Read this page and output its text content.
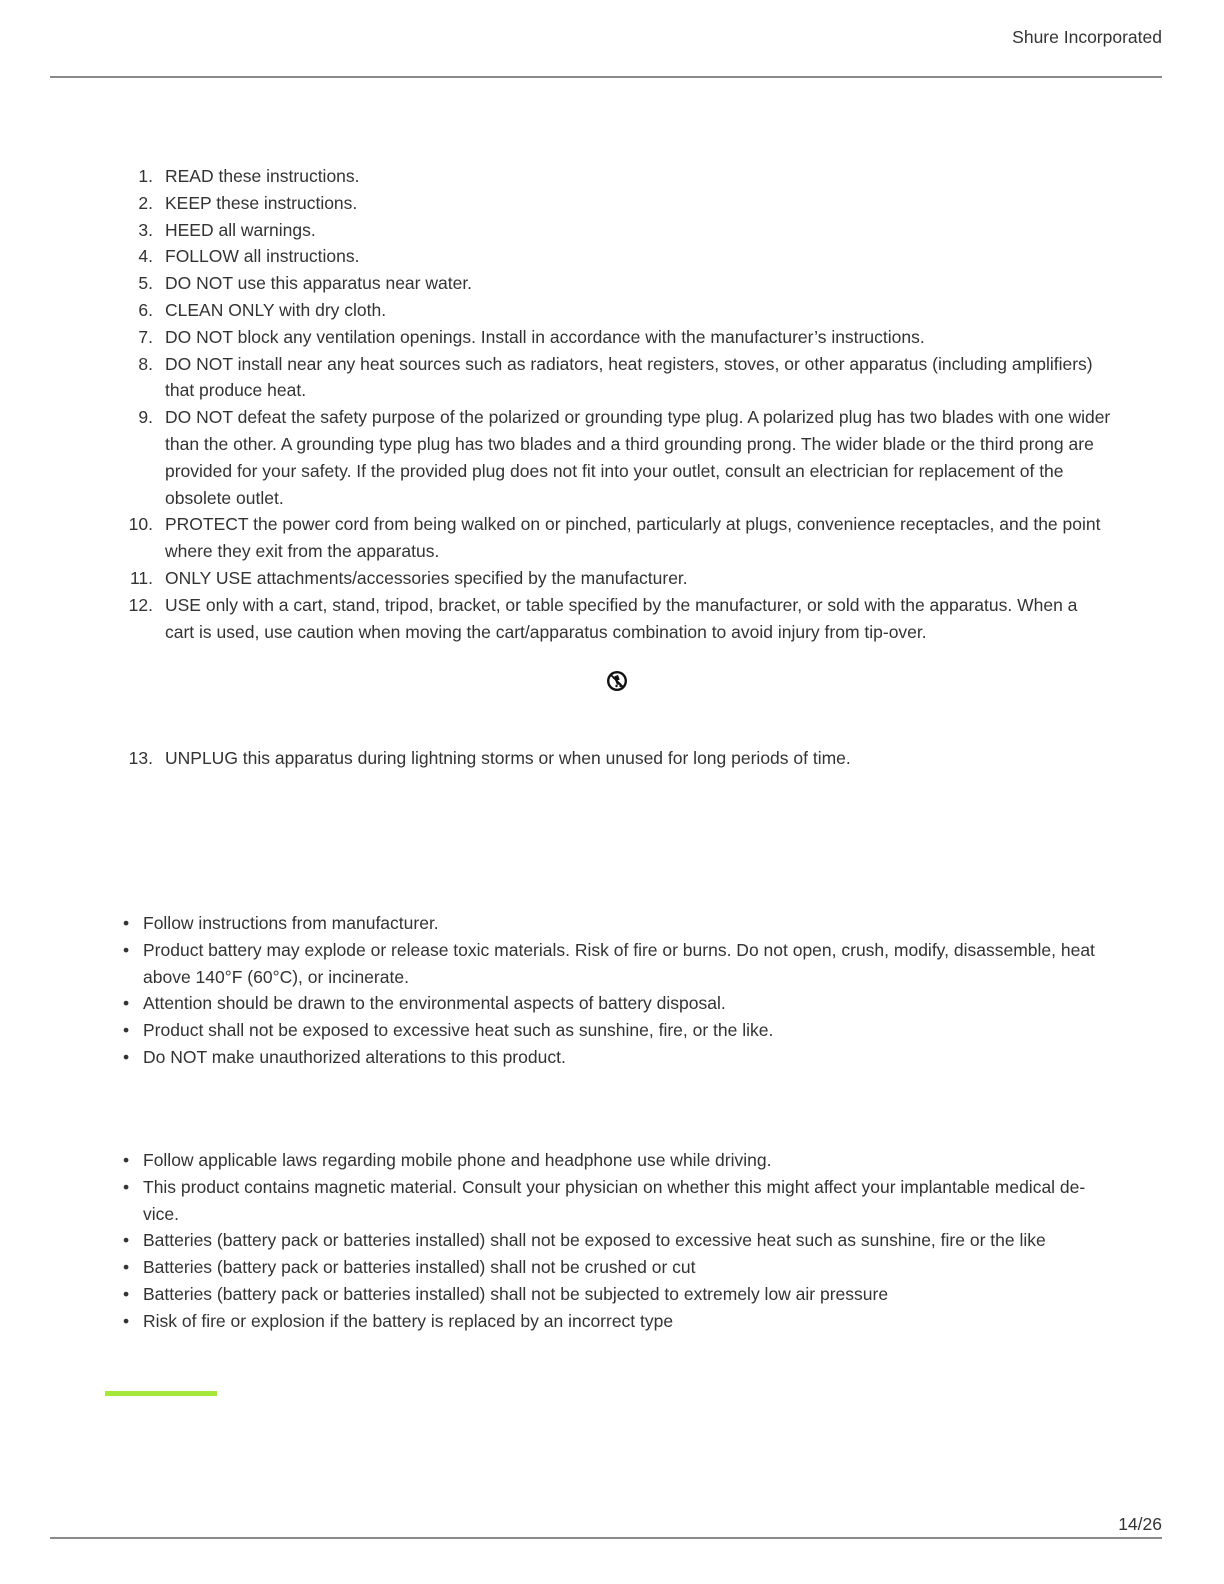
Shure Incorporated
1. READ these instructions.
2. KEEP these instructions.
3. HEED all warnings.
4. FOLLOW all instructions.
5. DO NOT use this apparatus near water.
6. CLEAN ONLY with dry cloth.
7. DO NOT block any ventilation openings. Install in accordance with the manufacturer’s instructions.
8. DO NOT install near any heat sources such as radiators, heat registers, stoves, or other apparatus (including amplifiers) that produce heat.
9. DO NOT defeat the safety purpose of the polarized or grounding type plug. A polarized plug has two blades with one wider than the other. A grounding type plug has two blades and a third grounding prong. The wider blade or the third prong are provided for your safety. If the provided plug does not fit into your outlet, consult an electrician for replacement of the obsolete outlet.
10. PROTECT the power cord from being walked on or pinched, particularly at plugs, convenience receptacles, and the point where they exit from the apparatus.
11. ONLY USE attachments/accessories specified by the manufacturer.
12. USE only with a cart, stand, tripod, bracket, or table specified by the manufacturer, or sold with the apparatus. When a cart is used, use caution when moving the cart/apparatus combination to avoid injury from tip-over.
13. UNPLUG this apparatus during lightning storms or when unused for long periods of time.
• Follow instructions from manufacturer.
• Product battery may explode or release toxic materials. Risk of fire or burns. Do not open, crush, modify, disassemble, heat above 140°F (60°C), or incinerate.
• Attention should be drawn to the environmental aspects of battery disposal.
• Product shall not be exposed to excessive heat such as sunshine, fire, or the like.
• Do NOT make unauthorized alterations to this product.
• Follow applicable laws regarding mobile phone and headphone use while driving.
• This product contains magnetic material. Consult your physician on whether this might affect your implantable medical device.
• Batteries (battery pack or batteries installed) shall not be exposed to excessive heat such as sunshine, fire or the like
• Batteries (battery pack or batteries installed) shall not be crushed or cut
• Batteries (battery pack or batteries installed) shall not be subjected to extremely low air pressure
• Risk of fire or explosion if the battery is replaced by an incorrect type
14/26
